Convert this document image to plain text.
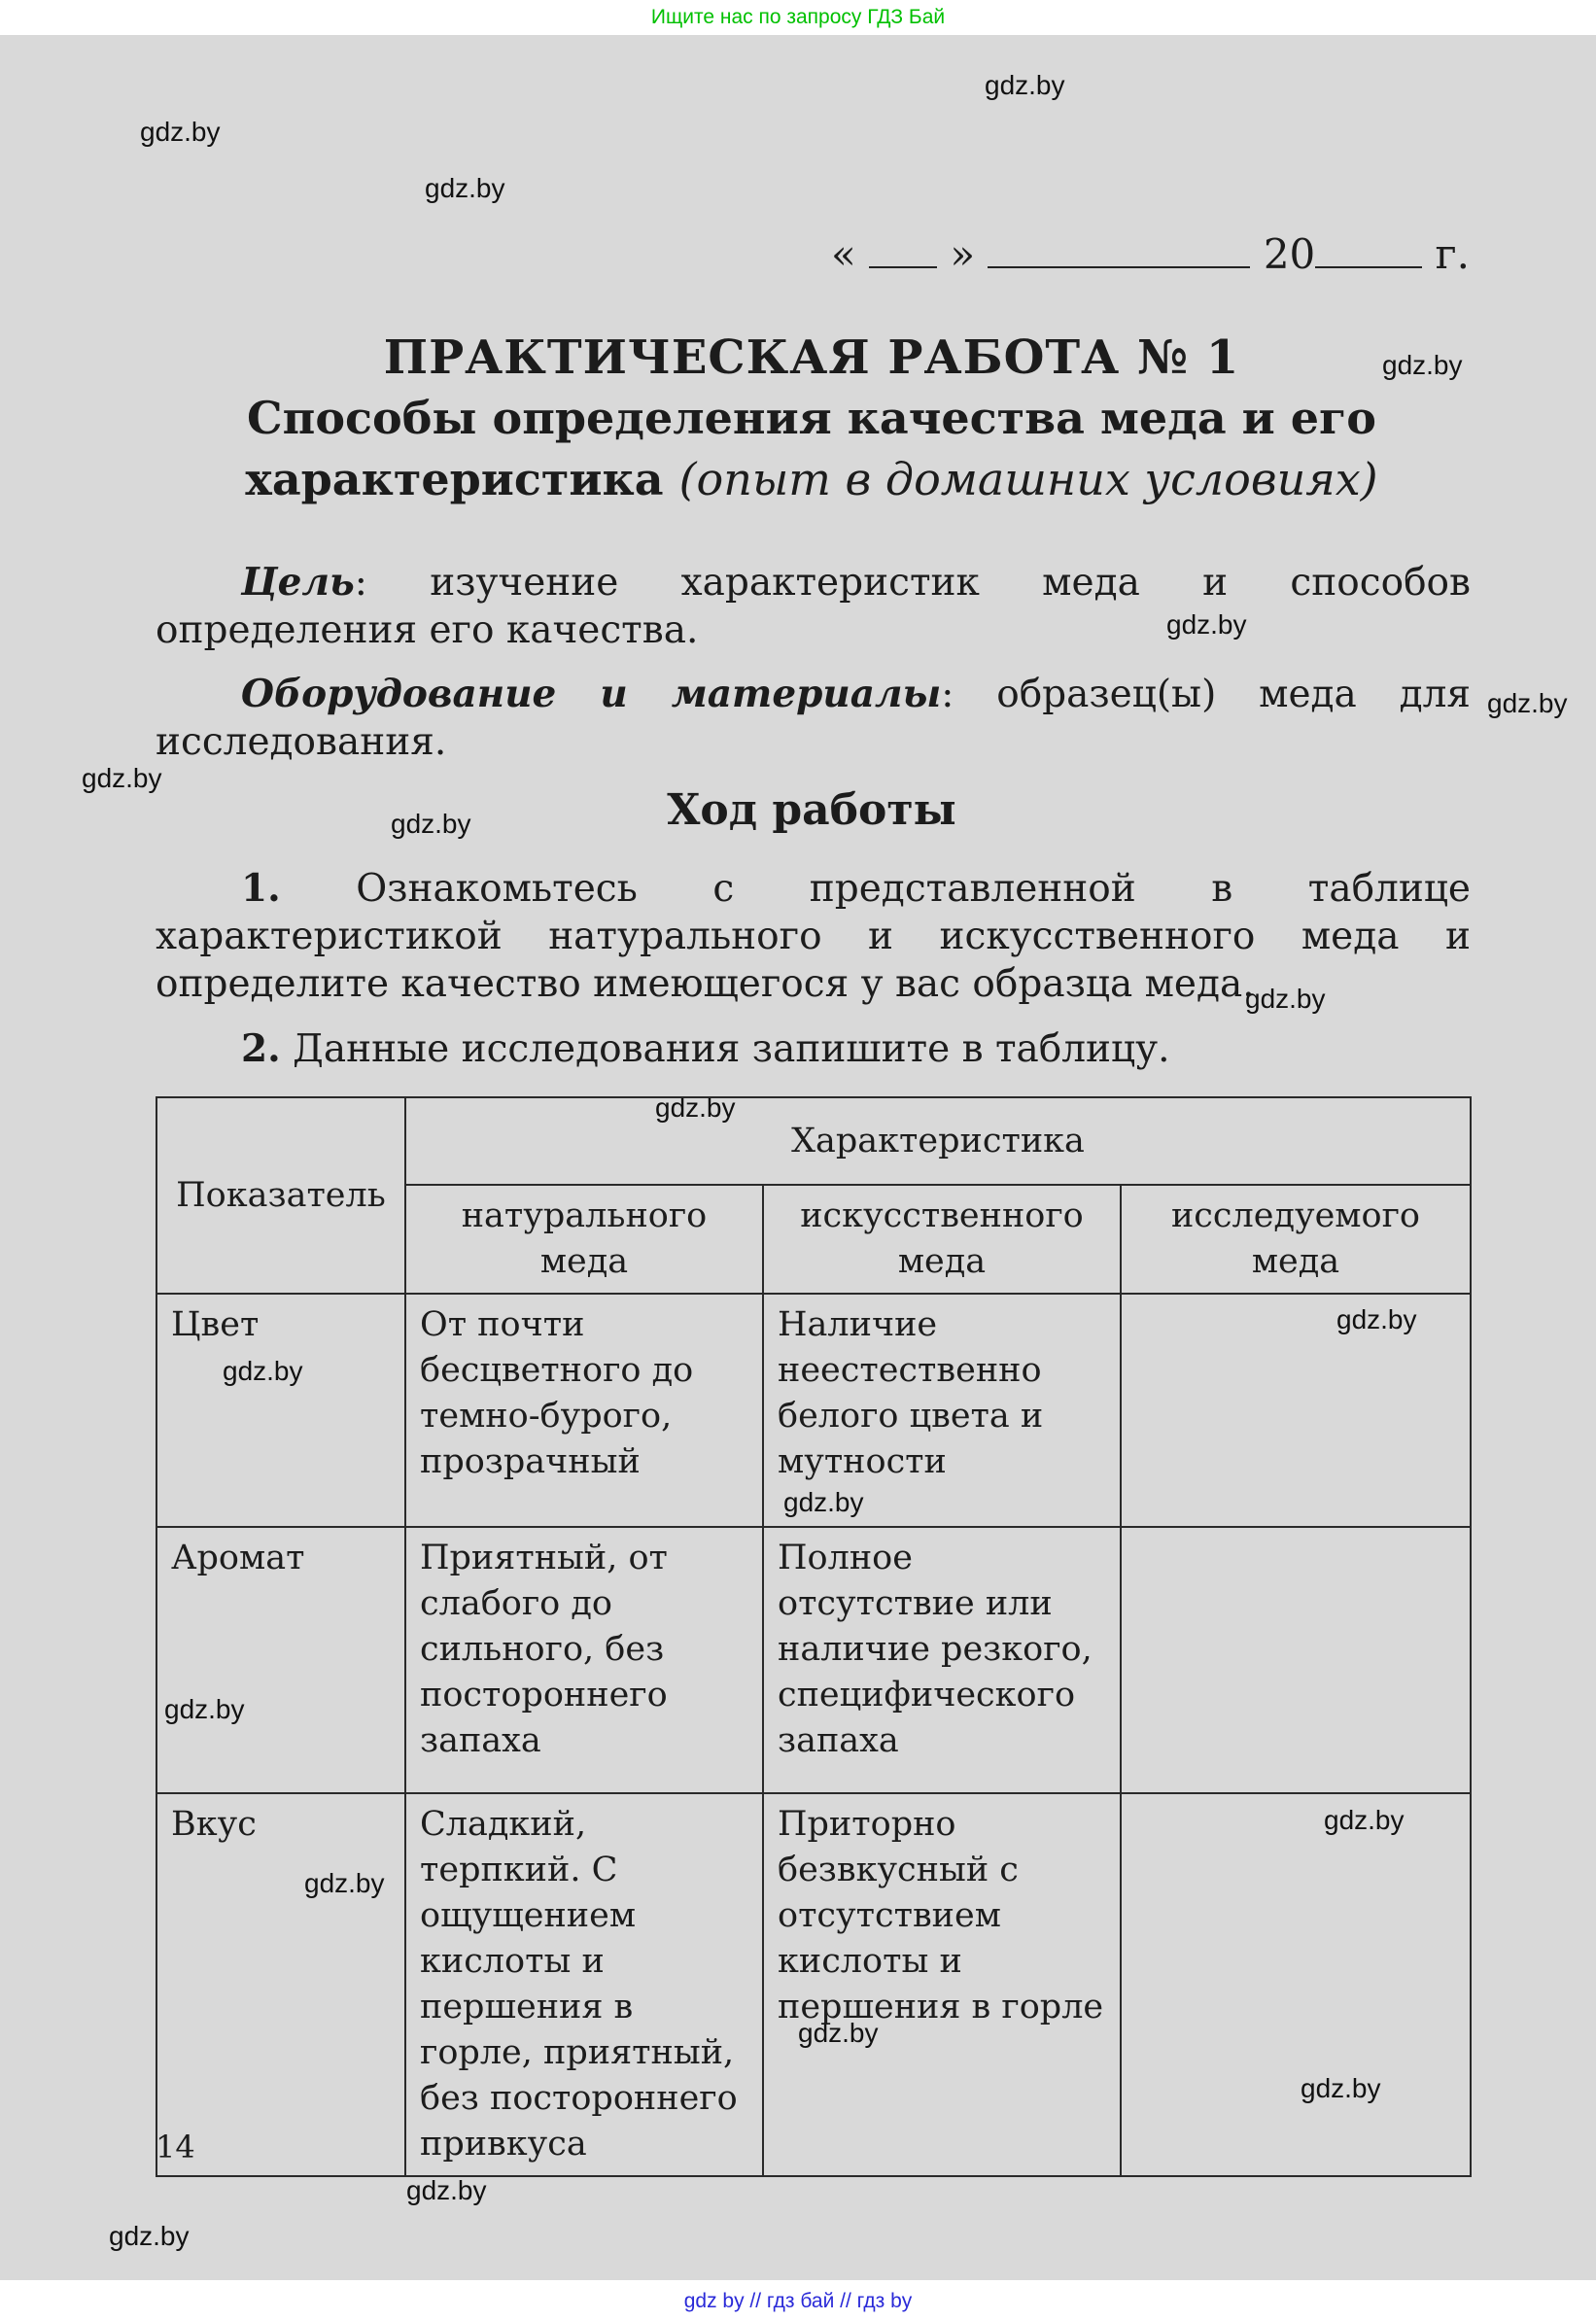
Ищите нас по запросу ГДЗ Бай
gdz.by
gdz.by
gdz.by
gdz.by
gdz.by
gdz.by
gdz.by
gdz.by
gdz.by
gdz.by
gdz.by
gdz.by
gdz.by
gdz.by
gdz.by
gdz.by
gdz.by
gdz.by
gdz.by
gdz.by
« »	20	г.
ПРАКТИЧЕСКАЯ РАБОТА № 1
Способы определения качества меда и его
характеристика (опыт в домашних условиях)
Цель: изучение характеристик меда и способов определения его качества.
Оборудование и материалы: образец(ы) меда для исследования.
Ход работы
1. Ознакомьтесь с представленной в таблице характеристикой натурального и искусственного меда и определите качество имеющегося у вас образца меда.
2. Данные исследования запишите в таблицу.
Показатель	Характеристика		
	натурального меда	искусственного меда	исследуемого меда
Цвет	От почти бесцветного до темно-бурого, прозрачный	Наличие неестественно белого цвета и мутности	
Аромат	Приятный, от слабого до сильного, без постороннего запаха	Полное отсутствие или наличие резкого, специфического запаха	
Вкус	Сладкий, терпкий. С ощущением кислоты и першения в горле, приятный, без постороннего привкуса	Приторно безвкусный с отсутствием кислоты и першения в горле	
14
gdz by // гдз бай // гдз by
